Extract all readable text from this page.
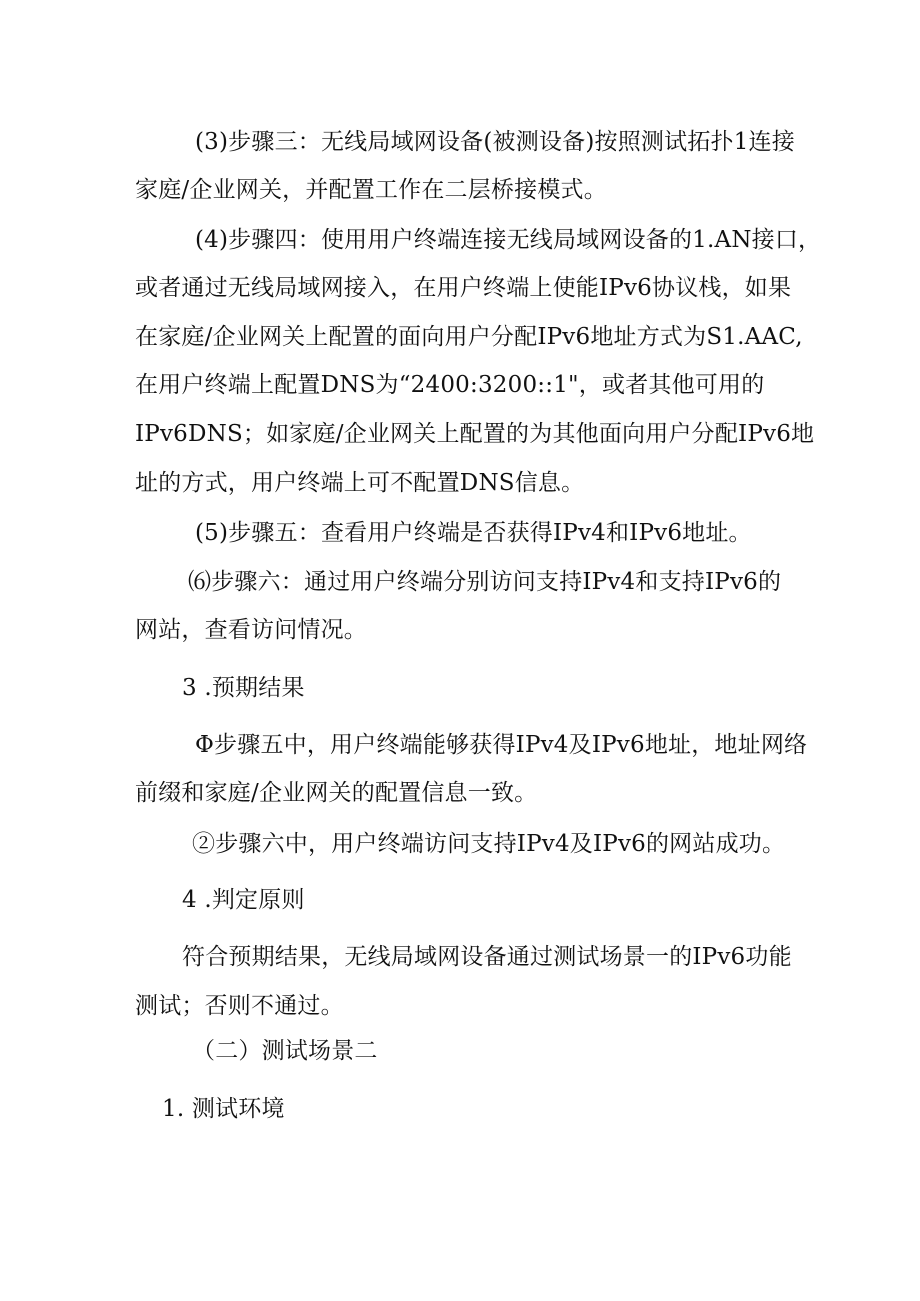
(3)步骤三：无线局域网设备(被测设备)按照测试拓扑1连接
家庭/企业网关，并配置工作在二层桥接模式。
(4)步骤四：使用用户终端连接无线局域网设备的1.AN接口，
或者通过无线局域网接入，在用户终端上使能IPv6协议栈，如果
在家庭/企业网关上配置的面向用户分配IPv6地址方式为S1.AAC,
在用户终端上配置DNS为“2400:3200::1"，或者其他可用的
IPv6DNS；如家庭/企业网关上配置的为其他面向用户分配IPv6地
址的方式，用户终端上可不配置DNS信息。
(5)步骤五：查看用户终端是否获得IPv4和IPv6地址。
⑹步骤六：通过用户终端分别访问支持IPv4和支持IPv6的
网站，查看访问情况。
3 .预期结果
Φ步骤五中，用户终端能够获得IPv4及IPv6地址，地址网络
前缀和家庭/企业网关的配置信息一致。
②步骤六中，用户终端访问支持IPv4及IPv6的网站成功。
4 .判定原则
符合预期结果，无线局域网设备通过测试场景一的IPv6功能
测试；否则不通过。
（二）测试场景二
1. 测试环境
